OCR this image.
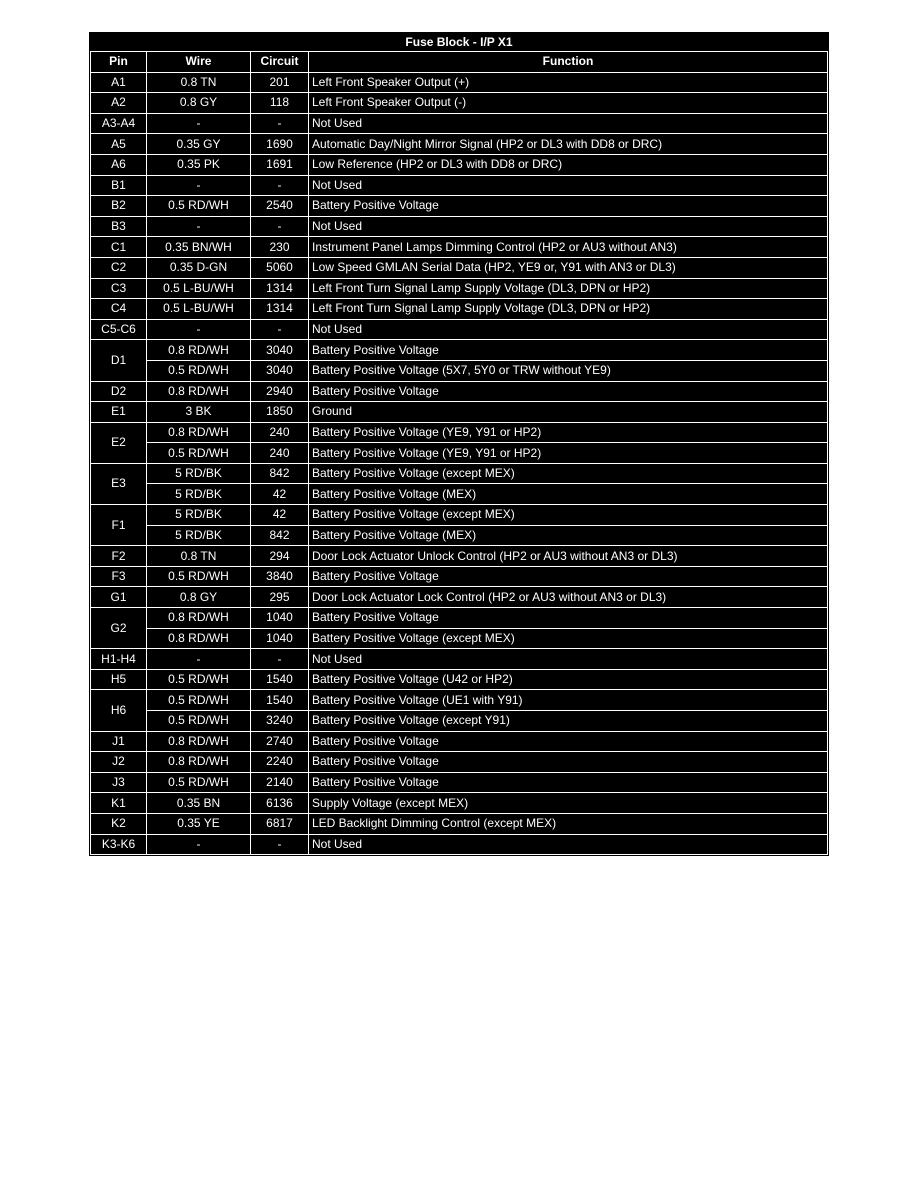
Fuse Block - I/P X1			
Pin	Wire	Circuit	Function
A1	0.8 TN	201	Left Front Speaker Output (+)
A2	0.8 GY	118	Left Front Speaker Output (-)
A3-A4	-	-	Not Used
A5	0.35 GY	1690	Automatic Day/Night Mirror Signal (HP2 or DL3 with DD8 or DRC)
A6	0.35 PK	1691	Low Reference (HP2 or DL3 with DD8 or DRC)
B1	-	-	Not Used
B2	0.5 RD/WH	2540	Battery Positive Voltage
B3	-	-	Not Used
C1	0.35 BN/WH	230	Instrument Panel Lamps Dimming Control (HP2 or AU3 without AN3)
C2	0.35 D-GN	5060	Low Speed GMLAN Serial Data (HP2, YE9 or, Y91 with AN3 or DL3)
C3	0.5 L-BU/WH	1314	Left Front Turn Signal Lamp Supply Voltage (DL3, DPN or HP2)
C4	0.5 L-BU/WH	1314	Left Front Turn Signal Lamp Supply Voltage (DL3, DPN or HP2)
C5-C6	-	-	Not Used
D1	0.8 RD/WH	3040	Battery Positive Voltage
	0.5 RD/WH	3040	Battery Positive Voltage (5X7, 5Y0 or TRW without YE9)
D2	0.8 RD/WH	2940	Battery Positive Voltage
E1	3 BK	1850	Ground
E2	0.8 RD/WH	240	Battery Positive Voltage (YE9, Y91 or HP2)
	0.5 RD/WH	240	Battery Positive Voltage (YE9, Y91 or HP2)
E3	5 RD/BK	842	Battery Positive Voltage (except MEX)
	5 RD/BK	42	Battery Positive Voltage (MEX)
F1	5 RD/BK	42	Battery Positive Voltage (except MEX)
	5 RD/BK	842	Battery Positive Voltage (MEX)
F2	0.8 TN	294	Door Lock Actuator Unlock Control (HP2 or AU3 without AN3 or DL3)
F3	0.5 RD/WH	3840	Battery Positive Voltage
G1	0.8 GY	295	Door Lock Actuator Lock Control (HP2 or AU3 without AN3 or DL3)
G2	0.8 RD/WH	1040	Battery Positive Voltage
	0.8 RD/WH	1040	Battery Positive Voltage (except MEX)
H1-H4	-	-	Not Used
H5	0.5 RD/WH	1540	Battery Positive Voltage (U42 or HP2)
H6	0.5 RD/WH	1540	Battery Positive Voltage (UE1 with Y91)
	0.5 RD/WH	3240	Battery Positive Voltage (except Y91)
J1	0.8 RD/WH	2740	Battery Positive Voltage
J2	0.8 RD/WH	2240	Battery Positive Voltage
J3	0.5 RD/WH	2140	Battery Positive Voltage
K1	0.35 BN	6136	Supply Voltage (except MEX)
K2	0.35 YE	6817	LED Backlight Dimming Control (except MEX)
K3-K6	-	-	Not Used
